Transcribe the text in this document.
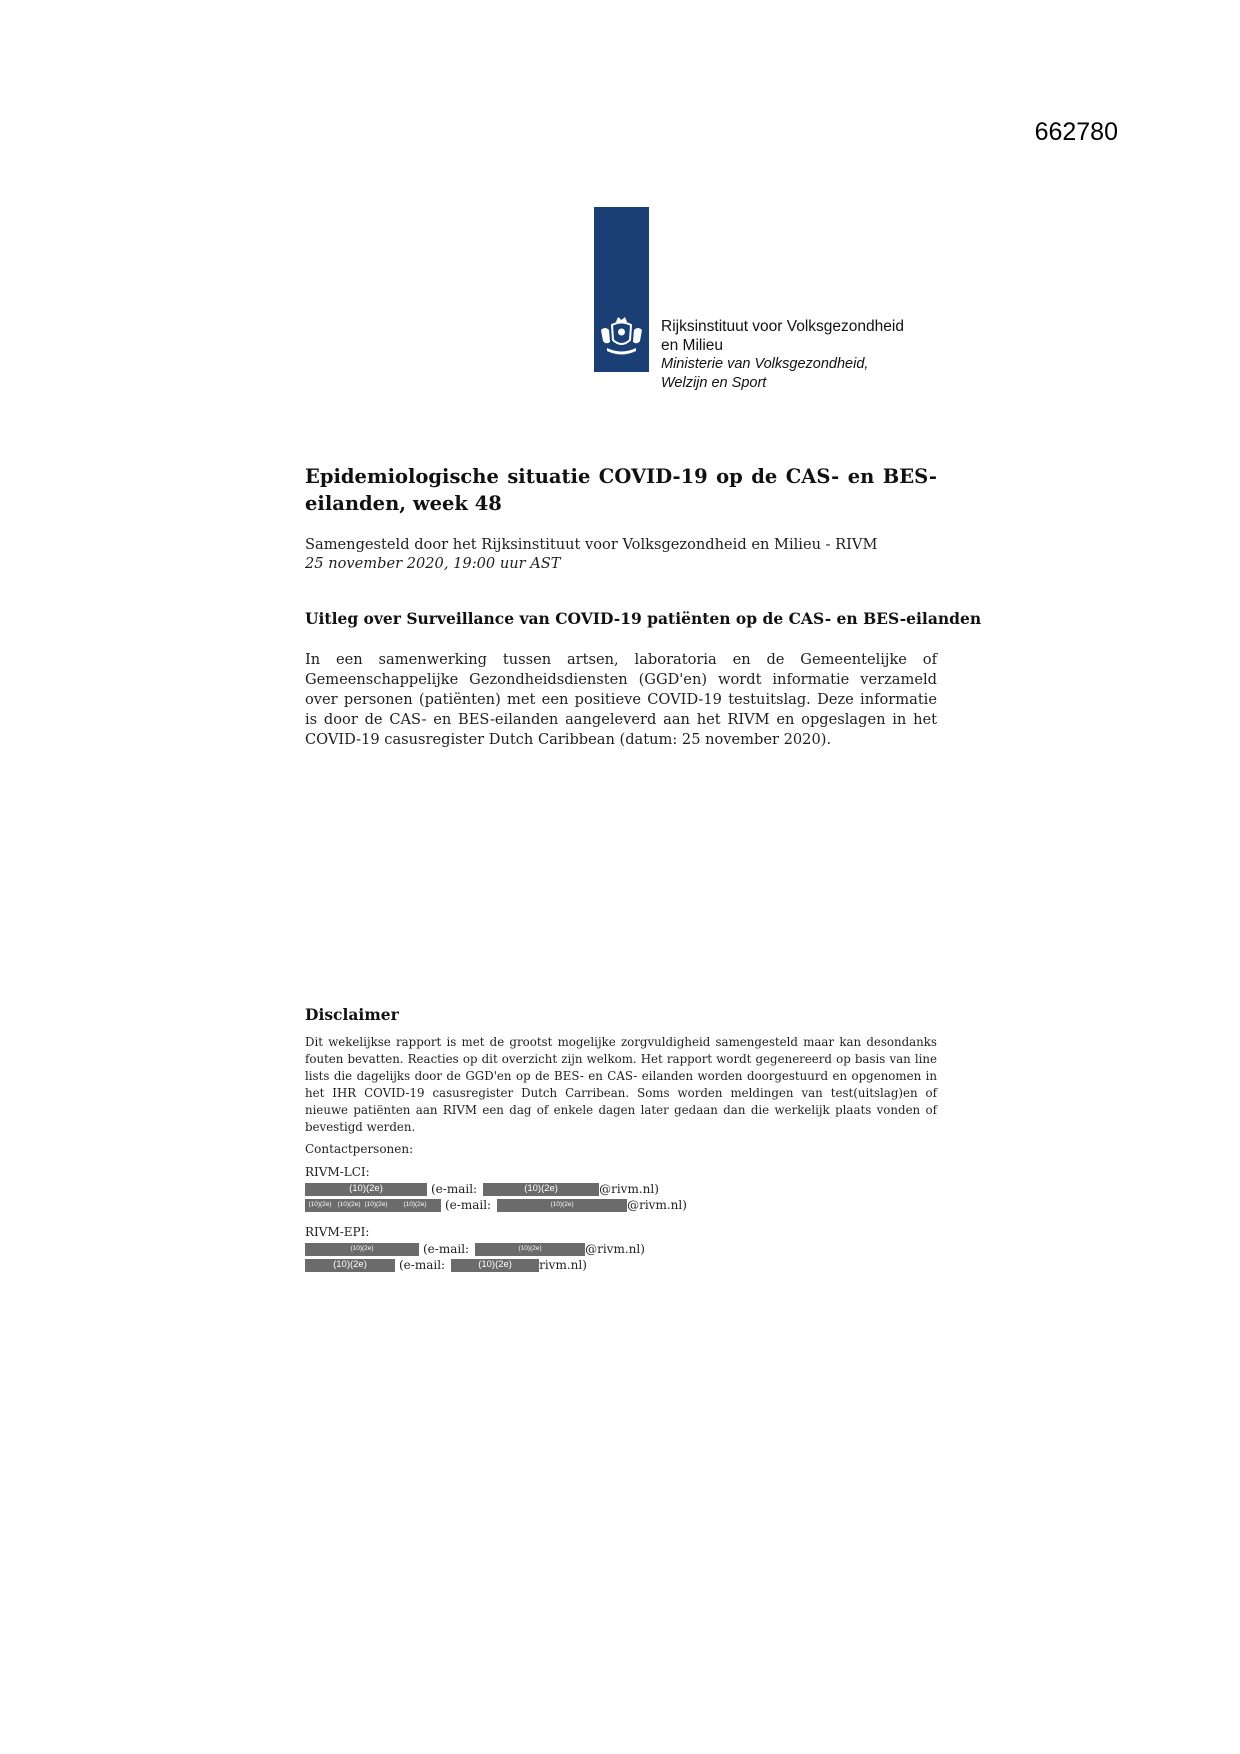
662780
Rijksinstituut voor Volksgezondheid
en Milieu
Ministerie van Volksgezondheid,
Welzijn en Sport
Epidemiologische situatie COVID-19 op de CAS- en BES-eilanden, week 48
Samengesteld door het Rijksinstituut voor Volksgezondheid en Milieu - RIVM
25 november 2020, 19:00 uur AST
Uitleg over Surveillance van COVID-19 patiënten op de CAS- en BES-eilanden

In een samenwerking tussen artsen, laboratoria en de Gemeentelijke of Gemeenschappelijke Gezondheidsdiensten (GGD'en) wordt informatie verzameld over personen (patiënten) met een positieve COVID-19 testuitslag. Deze informatie is door de CAS- en BES-eilanden aangeleverd aan het RIVM en opgeslagen in het COVID-19 casusregister Dutch Caribbean (datum: 25 november 2020).

Disclaimer

Dit wekelijkse rapport is met de grootst mogelijke zorgvuldigheid samengesteld maar kan desondanks fouten bevatten. Reacties op dit overzicht zijn welkom. Het rapport wordt gegenereerd op basis van line lists die dagelijks door de GGD'en op de BES- en CAS- eilanden worden doorgestuurd en opgenomen in het IHR COVID-19 casusregister Dutch Carribean. Soms worden meldingen van test(uitslag)en of nieuwe patiënten aan RIVM een dag of enkele dagen later gedaan dan die werkelijk plaats vonden of bevestigd werden.

Contactpersonen:
RIVM-LCI:
(10)(2e)	(e-mail:	(10)(2e)	@rivm.nl)
(10)(2e) (10)(2e) (10)(2e)	(10)(2e)	(e-mail:	(10)(2e)	@rivm.nl)
RIVM-EPI:
(10)(2e)	(e-mail:	(10)(2e)	@rivm.nl)
(10)(2e)	(e-mail:	(10)(2e)	rivm.nl)
